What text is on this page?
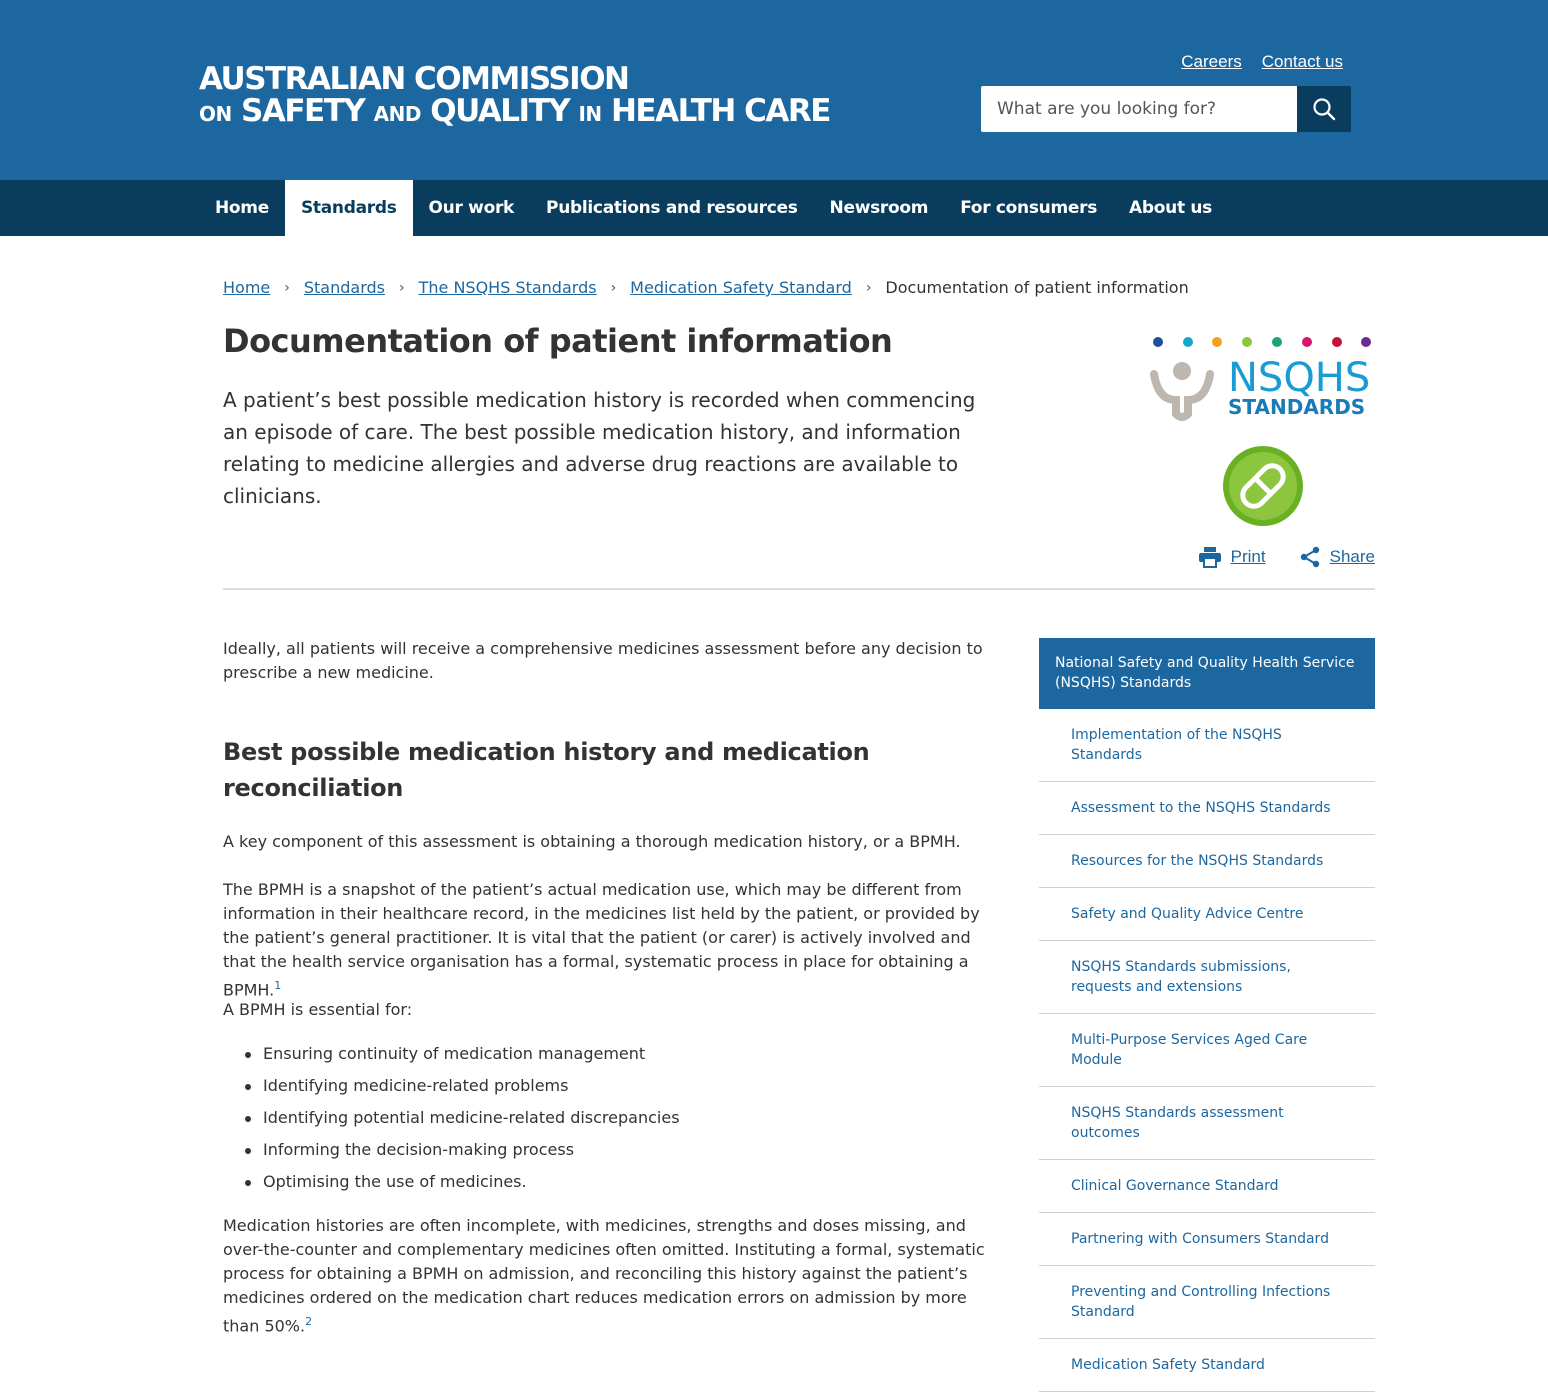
AUSTRALIAN COMMISSION
ON SAFETY AND QUALITY IN HEALTH CARE
Careers Contact us
What are you looking for?
Home	Standards	Our work	Publications and resources	Newsroom	For consumers	About us
Home › Standards › The NSQHS Standards › Medication Safety Standard › Documentation of patient information
Documentation of patient information

A patient’s best possible medication history is recorded when commencing an episode of care. The best possible medication history, and information relating to medicine allergies and adverse drug reactions are available to clinicians.

NSQHS
STANDARDS
Print	Share

Ideally, all patients will receive a comprehensive medicines assessment before any decision to prescribe a new medicine.

Best possible medication history and medication reconciliation

A key component of this assessment is obtaining a thorough medication history, or a BPMH.

The BPMH is a snapshot of the patient’s actual medication use, which may be different from information in their healthcare record, in the medicines list held by the patient, or provided by the patient’s general practitioner. It is vital that the patient (or carer) is actively involved and that the health service organisation has a formal, systematic process in place for obtaining a BPMH.$^1$

A BPMH is essential for:

Ensuring continuity of medication management
Identifying medicine-related problems
Identifying potential medicine-related discrepancies
Informing the decision-making process
Optimising the use of medicines.

Medication histories are often incomplete, with medicines, strengths and doses missing, and over-the-counter and complementary medicines often omitted. Instituting a formal, systematic process for obtaining a BPMH on admission, and reconciling this history against the patient’s medicines ordered on the medication chart reduces medication errors on admission by more than 50%.$^2$

National Safety and Quality Health Service (NSQHS) Standards
Implementation of the NSQHS Standards
Assessment to the NSQHS Standards
Resources for the NSQHS Standards
Safety and Quality Advice Centre
NSQHS Standards submissions, requests and extensions
Multi-Purpose Services Aged Care Module
NSQHS Standards assessment outcomes
Clinical Governance Standard
Partnering with Consumers Standard
Preventing and Controlling Infections Standard
Medication Safety Standard
